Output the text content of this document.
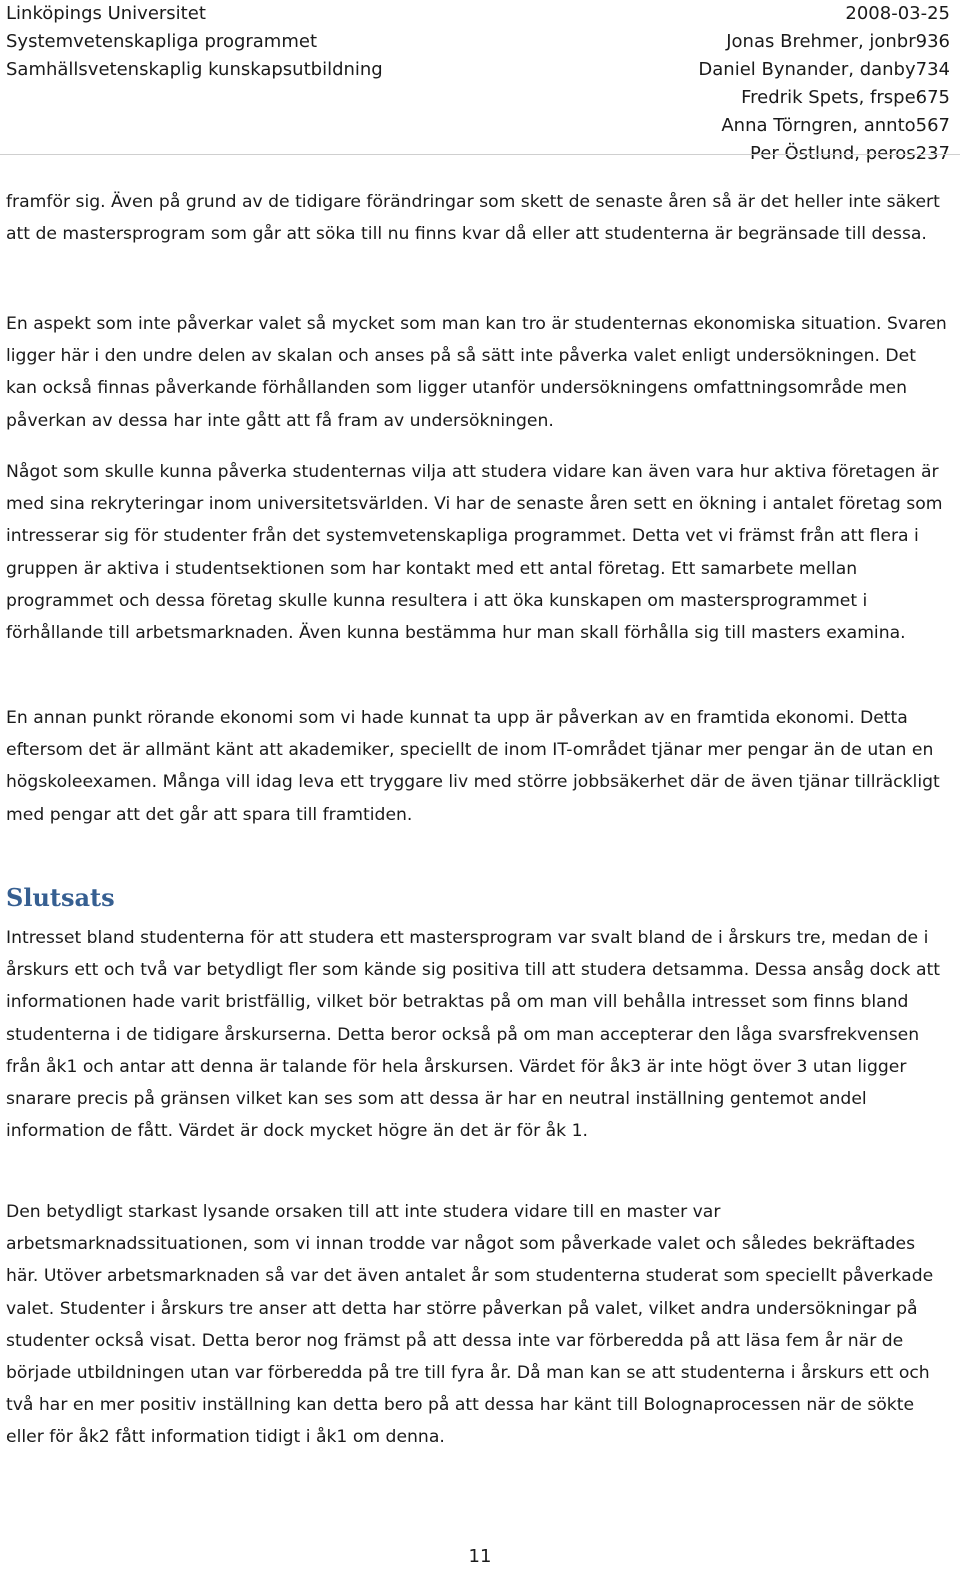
Linköpings Universitet
Systemvetenskapliga programmet
Samhällsvetenskaplig kunskapsutbildning
2008-03-25
Jonas Brehmer, jonbr936
Daniel Bynander, danby734
Fredrik Spets, frspe675
Anna Törngren, annto567
Per Östlund, peros237

framför sig. Även på grund av de tidigare förändringar som skett de senaste åren så är det heller inte säkert att de mastersprogram som går att söka till nu finns kvar då eller att studenterna är begränsade till dessa.

En aspekt som inte påverkar valet så mycket som man kan tro är studenternas ekonomiska situation. Svaren ligger här i den undre delen av skalan och anses på så sätt inte påverka valet enligt undersökningen. Det kan också finnas påverkande förhållanden som ligger utanför undersökningens omfattningsområde men påverkan av dessa har inte gått att få fram av undersökningen.

Något som skulle kunna påverka studenternas vilja att studera vidare kan även vara hur aktiva företagen är med sina rekryteringar inom universitetsvärlden. Vi har de senaste åren sett en ökning i antalet företag som intresserar sig för studenter från det systemvetenskapliga programmet. Detta vet vi främst från att flera i gruppen är aktiva i studentsektionen som har kontakt med ett antal företag. Ett samarbete mellan programmet och dessa företag skulle kunna resultera i att öka kunskapen om mastersprogrammet i förhållande till arbetsmarknaden. Även kunna bestämma hur man skall förhålla sig till masters examina.

En annan punkt rörande ekonomi som vi hade kunnat ta upp är påverkan av en framtida ekonomi. Detta eftersom det är allmänt känt att akademiker, speciellt de inom IT-området tjänar mer pengar än de utan en högskoleexamen. Många vill idag leva ett tryggare liv med större jobbsäkerhet där de även tjänar tillräckligt med pengar att det går att spara till framtiden.

Slutsats

Intresset bland studenterna för att studera ett mastersprogram var svalt bland de i årskurs tre, medan de i årskurs ett och två var betydligt fler som kände sig positiva till att studera detsamma. Dessa ansåg dock att informationen hade varit bristfällig, vilket bör betraktas på om man vill behålla intresset som finns bland studenterna i de tidigare årskurserna. Detta beror också på om man accepterar den låga svarsfrekvensen från åk1 och antar att denna är talande för hela årskursen. Värdet för åk3 är inte högt över 3 utan ligger snarare precis på gränsen vilket kan ses som att dessa är har en neutral inställning gentemot andel information de fått. Värdet är dock mycket högre än det är för åk 1.

Den betydligt starkast lysande orsaken till att inte studera vidare till en master var arbetsmarknadssituationen, som vi innan trodde var något som påverkade valet och således bekräftades här. Utöver arbetsmarknaden så var det även antalet år som studenterna studerat som speciellt påverkade valet. Studenter i årskurs tre anser att detta har större påverkan på valet, vilket andra undersökningar på studenter också visat. Detta beror nog främst på att dessa inte var förberedda på att läsa fem år när de började utbildningen utan var förberedda på tre till fyra år. Då man kan se att studenterna i årskurs ett och två har en mer positiv inställning kan detta bero på att dessa har känt till Bolognaprocessen när de sökte eller för åk2 fått information tidigt i åk1 om denna.

11
